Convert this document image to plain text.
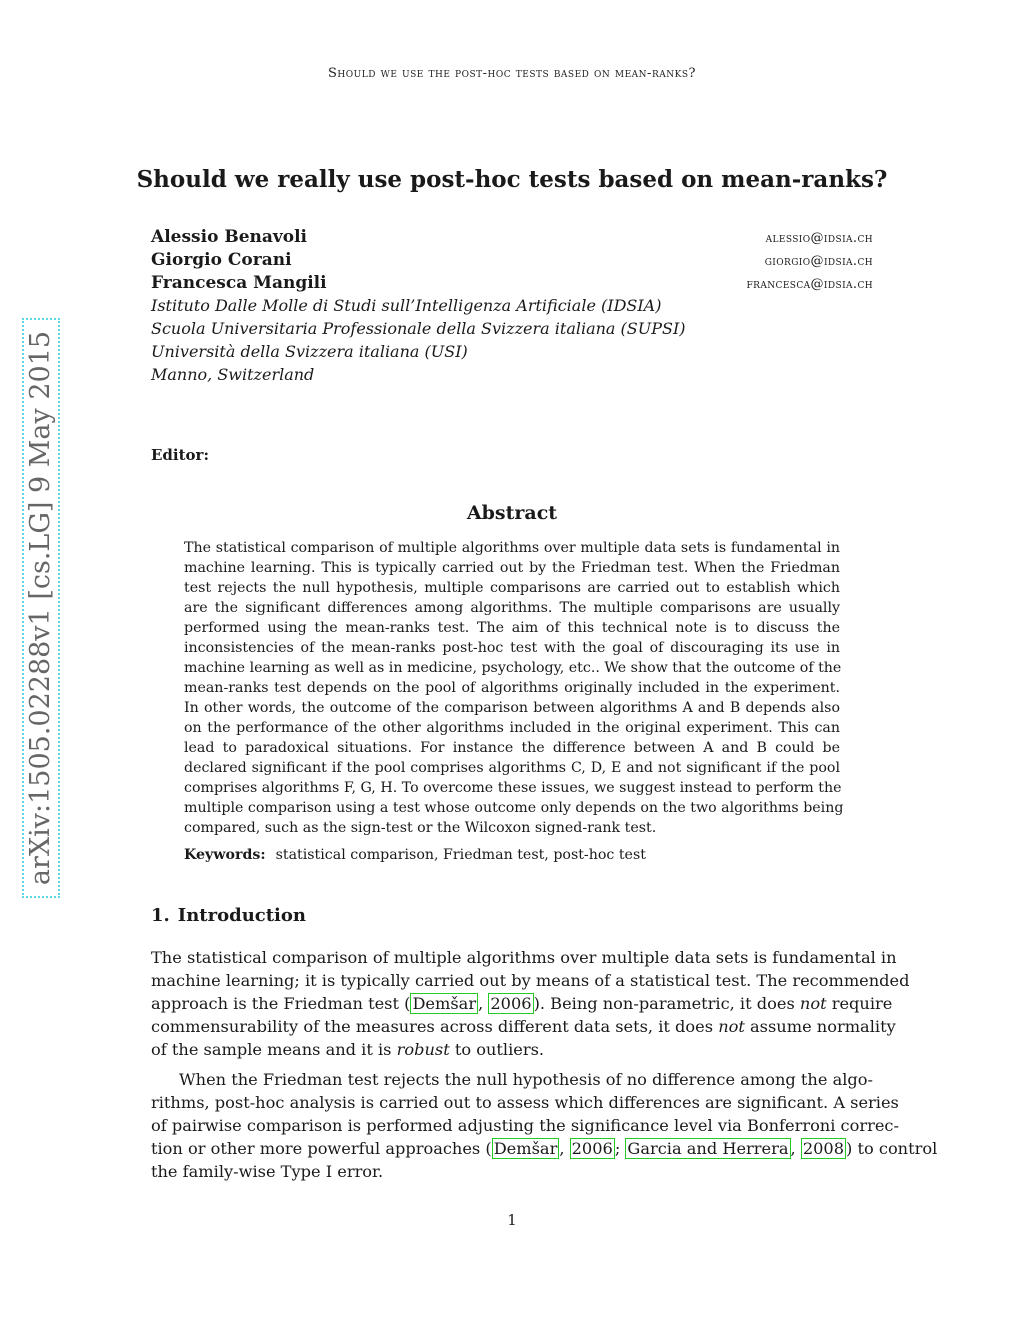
Should we use the post-hoc tests based on mean-ranks?
Should we really use post-hoc tests based on mean-ranks?
Alessio Benavoli	alessio@idsia.ch
Giorgio Corani	giorgio@idsia.ch
Francesca Mangili	francesca@idsia.ch
Istituto Dalle Molle di Studi sull’Intelligenza Artificiale (IDSIA)
Scuola Universitaria Professionale della Svizzera italiana (SUPSI)
Università della Svizzera italiana (USI)
Manno, Switzerland
Editor:
Abstract
The statistical comparison of multiple algorithms over multiple data sets is fundamental in
machine learning. This is typically carried out by the Friedman test. When the Friedman
test rejects the null hypothesis, multiple comparisons are carried out to establish which
are the significant differences among algorithms. The multiple comparisons are usually
performed using the mean-ranks test. The aim of this technical note is to discuss the
inconsistencies of the mean-ranks post-hoc test with the goal of discouraging its use in
machine learning as well as in medicine, psychology, etc.. We show that the outcome of the
mean-ranks test depends on the pool of algorithms originally included in the experiment.
In other words, the outcome of the comparison between algorithms A and B depends also
on the performance of the other algorithms included in the original experiment. This can
lead to paradoxical situations. For instance the difference between A and B could be
declared significant if the pool comprises algorithms C, D, E and not significant if the pool
comprises algorithms F, G, H. To overcome these issues, we suggest instead to perform the
multiple comparison using a test whose outcome only depends on the two algorithms being
compared, such as the sign-test or the Wilcoxon signed-rank test.
Keywords: statistical comparison, Friedman test, post-hoc test
1. Introduction
The statistical comparison of multiple algorithms over multiple data sets is fundamental in
machine learning; it is typically carried out by means of a statistical test. The recommended
approach is the Friedman test ( Demšar , 2006 ). Being non-parametric, it does not require
commensurability of the measures across different data sets, it does not assume normality
of the sample means and it is robust to outliers.
When the Friedman test rejects the null hypothesis of no difference among the algo-
rithms, post-hoc analysis is carried out to assess which differences are significant. A series
of pairwise comparison is performed adjusting the significance level via Bonferroni correc-
tion or other more powerful approaches ( Demšar , 2006 ; Garcia and Herrera , 2008 ) to control
the family-wise Type I error.
1
arXiv:1505.02288v1 [cs.LG] 9 May 2015
